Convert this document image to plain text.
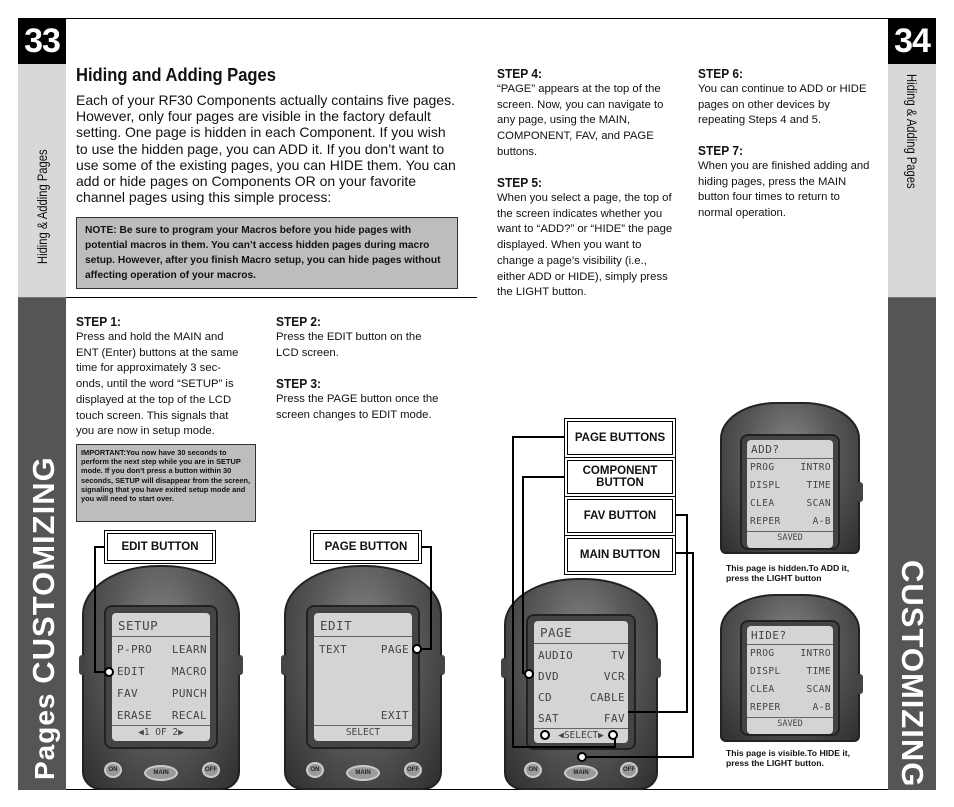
33
Hiding & Adding Pages
Pages CUSTOMIZING
34
Hiding & Adding Pages
CUSTOMIZING
Hiding and Adding Pages

Each of your RF30 Components actually contains five pages. However, only four pages are visible in the factory default setting. One page is hidden in each Component. If you wish to use the hidden page, you can ADD it. If you don’t want to use some of the existing pages, you can HIDE them. You can add or hide pages on Components OR on your favorite channel pages using this simple process:

NOTE: Be sure to program your Macros before you hide pages with potential macros in them. You can’t access hidden pages during macro setup. However, after you finish Macro setup, you can hide pages without affecting operation of your macros.
STEP 1:

Press and hold the MAIN and ENT (Enter) buttons at the same time for approximately 3 sec-onds, until the word “SETUP” is displayed at the top of the LCD touch screen. This signals that you are now in setup mode.

IMPORTANT:You now have 30 seconds to perform the next step while you are in SETUP mode. If you don’t press a button within 30 seconds, SETUP will disappear from the screen, signaling that you have exited setup mode and you will need to start over.
STEP 2:

Press the EDIT button on the LCD screen.

STEP 3:

Press the PAGE button once the screen changes to EDIT mode.

EDIT BUTTON	PAGE BUTTON
SETUP
P-PRO LEARN
EDIT MACRO
FAV	PUNCH
ERASE RECAL
◀1 OF 2▶
ON	MAIN	OFF
EDIT
TEXT	PAGE
EXIT
SELECT
ON	MAIN	OFF
STEP 4:

“PAGE” appears at the top of the screen. Now, you can navigate to any page, using the MAIN, COMPONENT, FAV, and PAGE buttons.

STEP 5:

When you select a page, the top of the screen indicates whether you want to “ADD?” or “HIDE” the page displayed. When you want to change a page’s visibility (i.e., either ADD or HIDE), simply press the LIGHT button.

STEP 6:

You can continue to ADD or HIDE pages on other devices by repeating Steps 4 and 5.

STEP 7:

When you are finished adding and hiding pages, press the MAIN button four times to return to normal operation.

PAGE BUTTONS
COMPONENT BUTTON
FAV BUTTON
MAIN BUTTON
PAGE
AUDIO	TV
DVD	VCR
CD	CABLE
SAT	FAV
◀SELECT▶
ON	MAIN	OFF
ADD?
PROG	INTRO
DISPL	TIME
CLEA	SCAN
REPER	A-B
SAVED
This page is hidden.To ADD it, press the LIGHT button
HIDE?
PROG	INTRO
DISPL	TIME
CLEA	SCAN
REPER	A-B
SAVED
This page is visible.To HIDE it, press the LIGHT button.
